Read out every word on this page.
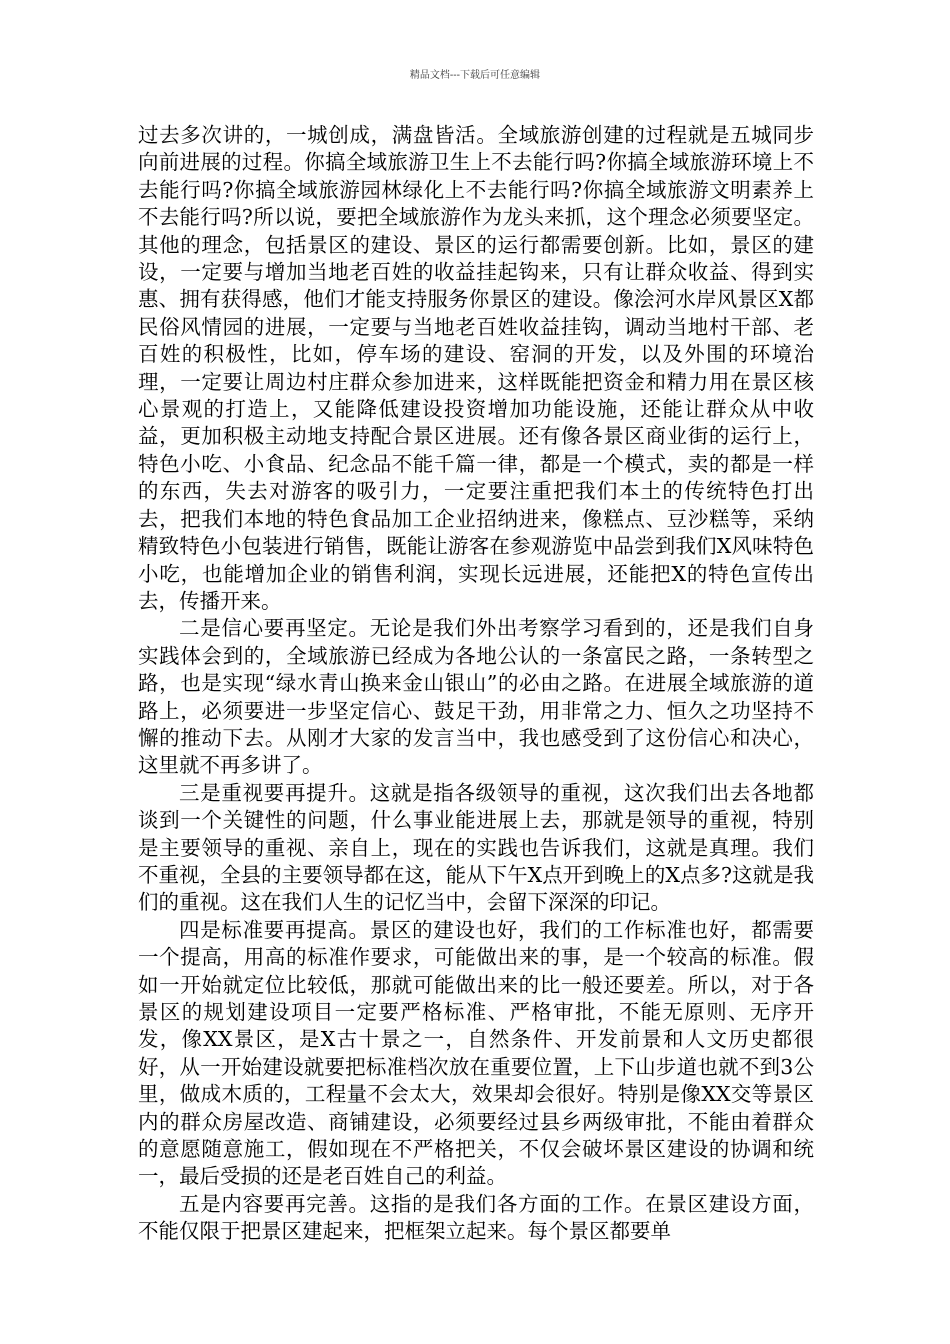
精品文档---下载后可任意编辑

过去多次讲的，一城创成，满盘皆活。全域旅游创建的过程就是五城同步向前进展的过程。你搞全域旅游卫生上不去能行吗?你搞全域旅游环境上不去能行吗?你搞全域旅游园林绿化上不去能行吗?你搞全域旅游文明素养上不去能行吗?所以说，要把全域旅游作为龙头来抓，这个理念必须要坚定。其他的理念，包括景区的建设、景区的运行都需要创新。比如，景区的建设，一定要与增加当地老百姓的收益挂起钩来，只有让群众收益、得到实惠、拥有获得感，他们才能支持服务你景区的建设。像浍河水岸风景区X都民俗风情园的进展，一定要与当地老百姓收益挂钩，调动当地村干部、老百姓的积极性，比如，停车场的建设、窑洞的开发，以及外围的环境治理，一定要让周边村庄群众参加进来，这样既能把资金和精力用在景区核心景观的打造上，又能降低建设投资增加功能设施，还能让群众从中收益，更加积极主动地支持配合景区进展。还有像各景区商业街的运行上，特色小吃、小食品、纪念品不能千篇一律，都是一个模式，卖的都是一样的东西，失去对游客的吸引力，一定要注重把我们本土的传统特色打出去，把我们本地的特色食品加工企业招纳进来，像糕点、豆沙糕等，采纳精致特色小包装进行销售，既能让游客在参观游览中品尝到我们X风味特色小吃，也能增加企业的销售利润，实现长远进展，还能把X的特色宣传出去，传播开来。

二是信心要再坚定。无论是我们外出考察学习看到的，还是我们自身实践体会到的，全域旅游已经成为各地公认的一条富民之路，一条转型之路，也是实现“绿水青山换来金山银山”的必由之路。在进展全域旅游的道路上，必须要进一步坚定信心、鼓足干劲，用非常之力、恒久之功坚持不懈的推动下去。从刚才大家的发言当中，我也感受到了这份信心和决心，这里就不再多讲了。

三是重视要再提升。这就是指各级领导的重视，这次我们出去各地都谈到一个关键性的问题，什么事业能进展上去，那就是领导的重视，特别是主要领导的重视、亲自上，现在的实践也告诉我们，这就是真理。我们不重视，全县的主要领导都在这，能从下午X点开到晚上的X点多?这就是我们的重视。这在我们人生的记忆当中，会留下深深的印记。

四是标准要再提高。景区的建设也好，我们的工作标准也好，都需要一个提高，用高的标准作要求，可能做出来的事，是一个较高的标准。假如一开始就定位比较低，那就可能做出来的比一般还要差。所以，对于各景区的规划建设项目一定要严格标准、严格审批，不能无原则、无序开发，像XX景区，是X古十景之一，自然条件、开发前景和人文历史都很好，从一开始建设就要把标准档次放在重要位置，上下山步道也就不到3公里，做成木质的，工程量不会太大，效果却会很好。特别是像XX交等景区内的群众房屋改造、商铺建设，必须要经过县乡两级审批，不能由着群众的意愿随意施工，假如现在不严格把关，不仅会破坏景区建设的协调和统一，最后受损的还是老百姓自己的利益。

五是内容要再完善。这指的是我们各方面的工作。在景区建设方面，不能仅限于把景区建起来，把框架立起来。每个景区都要单
